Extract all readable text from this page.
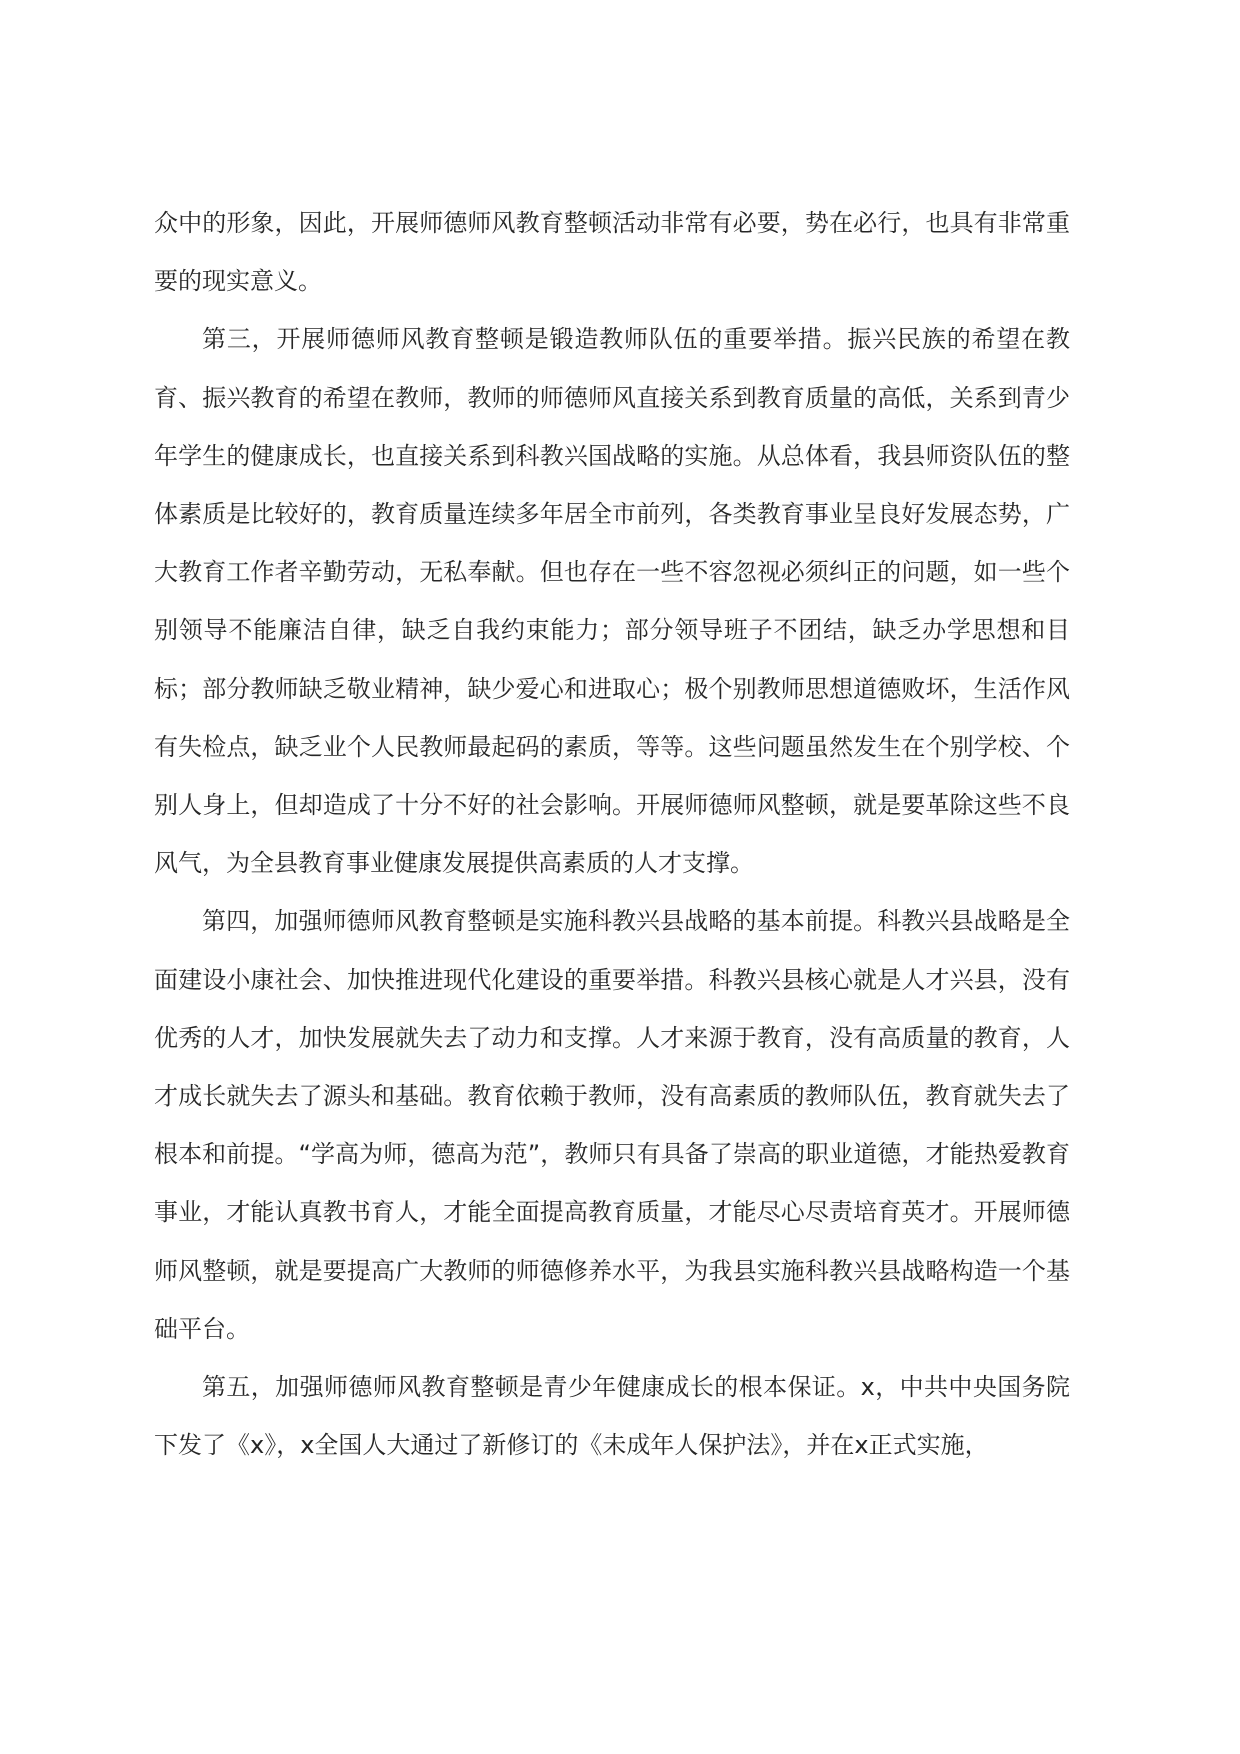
众中的形象，因此，开展师德师风教育整顿活动非常有必要，势在必行，也具有非常重要的现实意义。

第三，开展师德师风教育整顿是锻造教师队伍的重要举措。振兴民族的希望在教育、振兴教育的希望在教师，教师的师德师风直接关系到教育质量的高低，关系到青少年学生的健康成长，也直接关系到科教兴国战略的实施。从总体看，我县师资队伍的整体素质是比较好的，教育质量连续多年居全市前列，各类教育事业呈良好发展态势，广大教育工作者辛勤劳动，无私奉献。但也存在一些不容忽视必须纠正的问题，如一些个别领导不能廉洁自律，缺乏自我约束能力；部分领导班子不团结，缺乏办学思想和目标；部分教师缺乏敬业精神，缺少爱心和进取心；极个别教师思想道德败坏，生活作风有失检点，缺乏业个人民教师最起码的素质，等等。这些问题虽然发生在个别学校、个别人身上，但却造成了十分不好的社会影响。开展师德师风整顿，就是要革除这些不良风气，为全县教育事业健康发展提供高素质的人才支撑。

第四，加强师德师风教育整顿是实施科教兴县战略的基本前提。科教兴县战略是全面建设小康社会、加快推进现代化建设的重要举措。科教兴县核心就是人才兴县，没有优秀的人才，加快发展就失去了动力和支撑。人才来源于教育，没有高质量的教育，人才成长就失去了源头和基础。教育依赖于教师，没有高素质的教师队伍，教育就失去了根本和前提。“学高为师，德高为范”，教师只有具备了崇高的职业道德，才能热爱教育事业，才能认真教书育人，才能全面提高教育质量，才能尽心尽责培育英才。开展师德师风整顿，就是要提高广大教师的师德修养水平，为我县实施科教兴县战略构造一个基础平台。

第五，加强师德师风教育整顿是青少年健康成长的根本保证。x，中共中央国务院下发了《x》，x全国人大通过了新修订的《未成年人保护法》，并在x正式实施，
